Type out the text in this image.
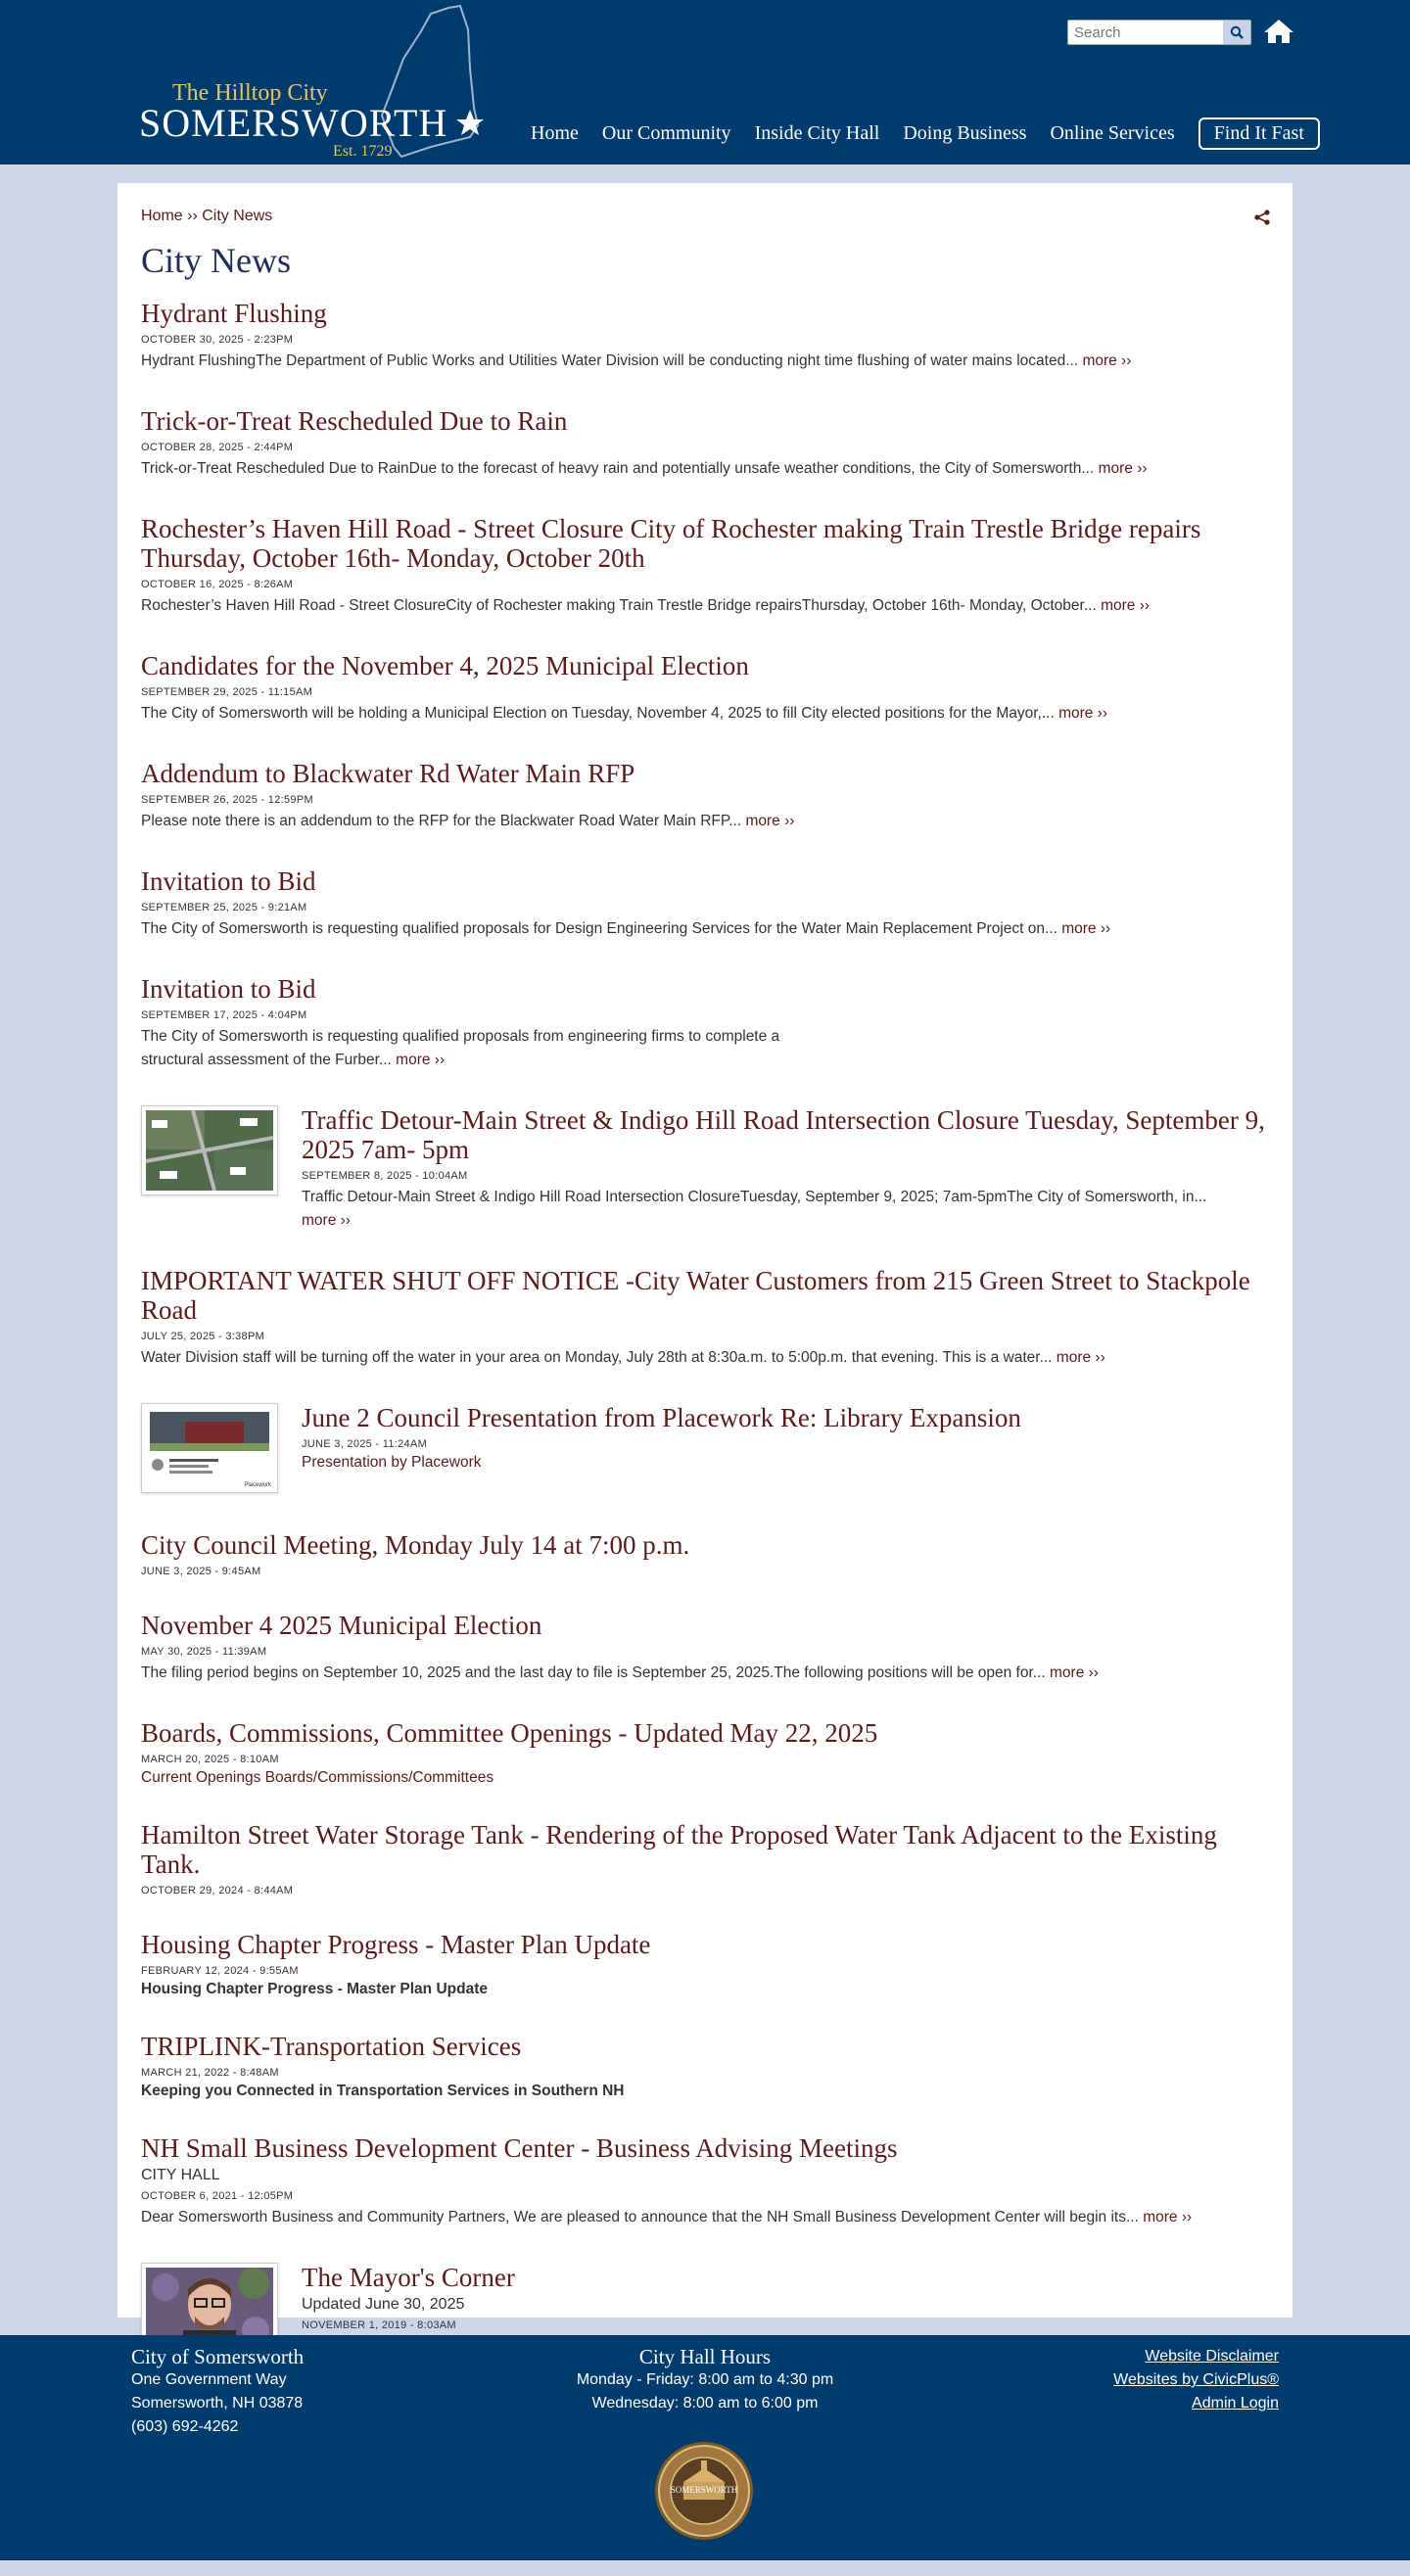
The Hilltop City
SOMERSWORTH
Est. 1729
Search
Home Our Community Inside City Hall Doing Business Online Services	Find It Fast
Home ›› City News
City News
Hydrant Flushing
OCTOBER 30, 2025 - 2:23PM
Hydrant FlushingThe Department of Public Works and Utilities Water Division will be conducting night time flushing of water mains located... more ››
Trick-or-Treat Rescheduled Due to Rain
OCTOBER 28, 2025 - 2:44PM
Trick-or-Treat Rescheduled Due to RainDue to the forecast of heavy rain and potentially unsafe weather conditions, the City of Somersworth... more ››
Rochester’s Haven Hill Road - Street Closure City of Rochester making Train Trestle Bridge repairs Thursday, October 16th- Monday, October 20th
OCTOBER 16, 2025 - 8:26AM
Rochester’s Haven Hill Road - Street ClosureCity of Rochester making Train Trestle Bridge repairsThursday, October 16th- Monday, October... more ››
Candidates for the November 4, 2025 Municipal Election
SEPTEMBER 29, 2025 - 11:15AM
The City of Somersworth will be holding a Municipal Election on Tuesday, November 4, 2025 to fill City elected positions for the Mayor,... more ››
Addendum to Blackwater Rd Water Main RFP
SEPTEMBER 26, 2025 - 12:59PM
Please note there is an addendum to the RFP for the Blackwater Road Water Main RFP... more ››
Invitation to Bid
SEPTEMBER 25, 2025 - 9:21AM
The City of Somersworth is requesting qualified proposals for Design Engineering Services for the Water Main Replacement Project on... more ››
Invitation to Bid
SEPTEMBER 17, 2025 - 4:04PM
The City of Somersworth is requesting qualified proposals from engineering firms to complete a
structural assessment of the Furber... more ››
Traffic Detour-Main Street & Indigo Hill Road Intersection Closure Tuesday, September 9, 2025 7am- 5pm
SEPTEMBER 8, 2025 - 10:04AM
Traffic Detour-Main Street & Indigo Hill Road Intersection ClosureTuesday, September 9, 2025; 7am-5pmThe City of Somersworth, in...
more ››
IMPORTANT WATER SHUT OFF NOTICE -City Water Customers from 215 Green Street to Stackpole Road
JULY 25, 2025 - 3:38PM
Water Division staff will be turning off the water in your area on Monday, July 28th at 8:30a.m. to 5:00p.m. that evening. This is a water... more ››
Placework
June 2 Council Presentation from Placework Re: Library Expansion
JUNE 3, 2025 - 11:24AM
Presentation by Placework
City Council Meeting, Monday July 14 at 7:00 p.m.
JUNE 3, 2025 - 9:45AM
November 4 2025 Municipal Election
MAY 30, 2025 - 11:39AM
The filing period begins on September 10, 2025 and the last day to file is September 25, 2025.The following positions will be open for... more ››
Boards, Commissions, Committee Openings - Updated May 22, 2025
MARCH 20, 2025 - 8:10AM
Current Openings Boards/Commissions/Committees
Hamilton Street Water Storage Tank - Rendering of the Proposed Water Tank Adjacent to the Existing Tank.
OCTOBER 29, 2024 - 8:44AM
Housing Chapter Progress - Master Plan Update
FEBRUARY 12, 2024 - 9:55AM
Housing Chapter Progress - Master Plan Update
TRIPLINK-Transportation Services
MARCH 21, 2022 - 8:48AM
Keeping you Connected in Transportation Services in Southern NH
NH Small Business Development Center - Business Advising Meetings
CITY HALL
OCTOBER 6, 2021 - 12:05PM
Dear Somersworth Business and Community Partners, We are pleased to announce that the NH Small Business Development Center will begin its... more ››
The Mayor's Corner
Updated June 30, 2025
NOVEMBER 1, 2019 - 8:03AM
City of Somersworth
One Government Way
Somersworth, NH 03878
(603) 692-4262
City Hall Hours
Monday - Friday: 8:00 am to 4:30 pm
Wednesday: 8:00 am to 6:00 pm
Website Disclaimer
Websites by CivicPlus®
Admin Login
SOMERSWORTH
